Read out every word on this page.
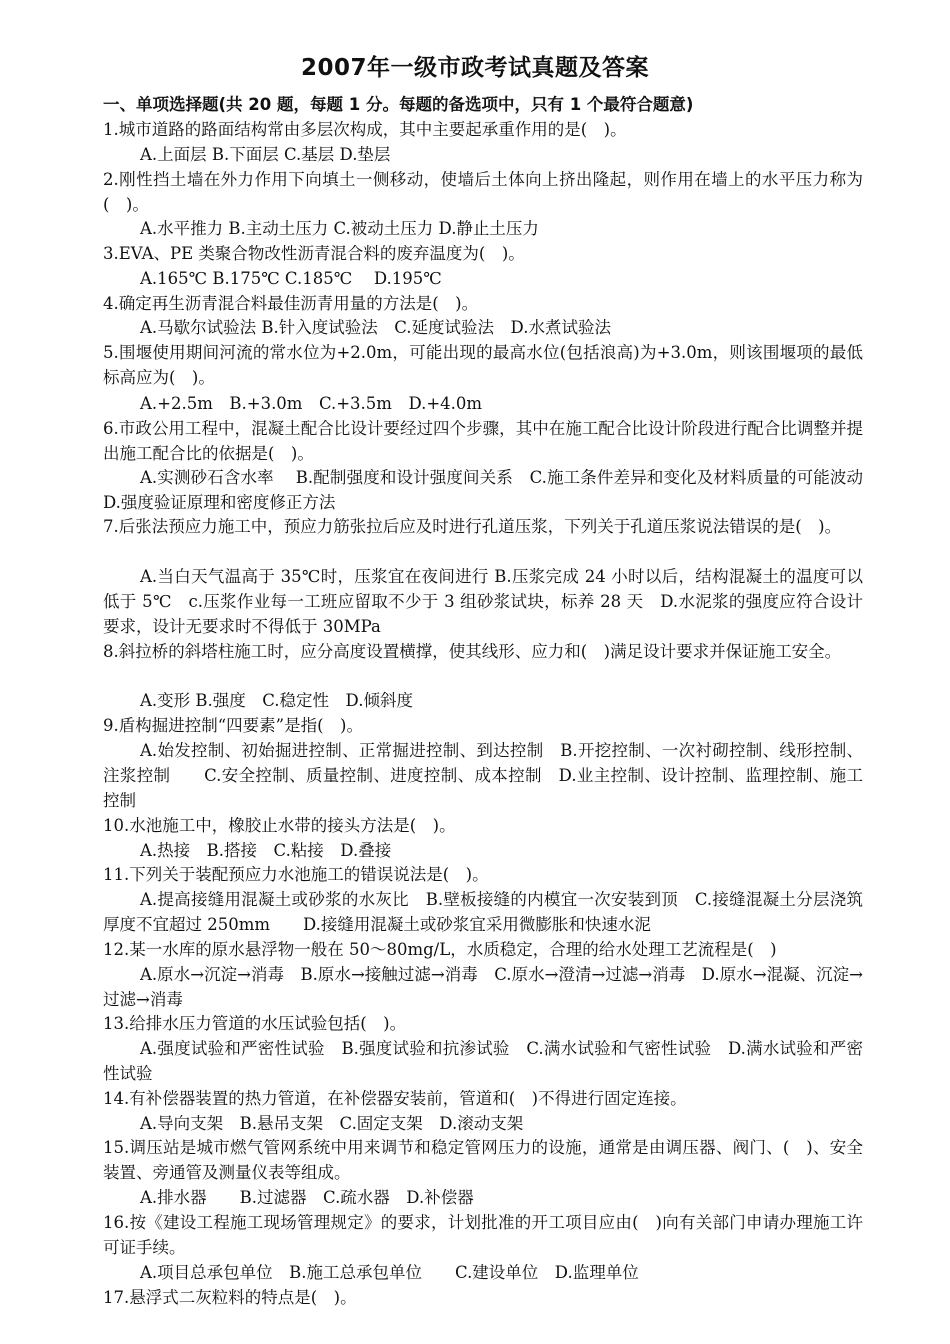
2007年一级市政考试真题及答案
一、单项选择题(共 20 题，每题 1 分。每题的备选项中，只有 1 个最符合题意)
1.城市道路的路面结构常由多层次构成，其中主要起承重作用的是(　)。
A.上面层 B.下面层 C.基层 D.垫层
2.刚性挡土墙在外力作用下向填土一侧移动，使墙后土体向上挤出隆起，则作用在墙上的水平压力称为(　)。
A.水平推力 B.主动土压力 C.被动土压力 D.静止土压力
3.EVA、PE 类聚合物改性沥青混合料的废弃温度为(　)。
A.165℃ B.175℃ C.185℃　 D.195℃
4.确定再生沥青混合料最佳沥青用量的方法是(　)。
A.马歇尔试验法 B.针入度试验法　C.延度试验法　D.水煮试验法
5.围堰使用期间河流的常水位为+2.0m，可能出现的最高水位(包括浪高)为+3.0m，则该围堰项的最低标高应为(　)。
A.+2.5m　B.+3.0m　C.+3.5m　D.+4.0m
6.市政公用工程中，混凝土配合比设计要经过四个步骤，其中在施工配合比设计阶段进行配合比调整并提出施工配合比的依据是(　)。
A.实测砂石含水率　 B.配制强度和设计强度间关系　C.施工条件差异和变化及材料质量的可能波动　 D.强度验证原理和密度修正方法
7.后张法预应力施工中，预应力筋张拉后应及时进行孔道压浆，下列关于孔道压浆说法错误的是(　)。
A.当白天气温高于 35℃时，压浆宜在夜间进行 B.压浆完成 24 小时以后，结构混凝土的温度可以低于 5℃　c.压浆作业每一工班应留取不少于 3 组砂浆试块，标养 28 天　D.水泥浆的强度应符合设计要求，设计无要求时不得低于 30MPa
8.斜拉桥的斜塔柱施工时，应分高度设置横撑，使其线形、应力和(　)满足设计要求并保证施工安全。
A.变形 B.强度　C.稳定性　D.倾斜度
9.盾构掘进控制“四要素”是指(　)。
A.始发控制、初始掘进控制、正常掘进控制、到达控制　B.开挖控制、一次衬砌控制、线形控制、注浆控制　　C.安全控制、质量控制、进度控制、成本控制　D.业主控制、设计控制、监理控制、施工控制
10.水池施工中，橡胶止水带的接头方法是(　)。
A.热接　B.搭接　C.粘接　D.叠接
11.下列关于装配预应力水池施工的错误说法是(　)。
A.提高接缝用混凝土或砂浆的水灰比　B.壁板接缝的内模宜一次安装到顶　C.接缝混凝土分层浇筑厚度不宜超过 250mm　　D.接缝用混凝土或砂浆宜采用微膨胀和快速水泥
12.某一水库的原水悬浮物一般在 50～80mg/L，水质稳定，合理的给水处理工艺流程是(　)
A.原水→沉淀→消毒　B.原水→接触过滤→消毒　C.原水→澄清→过滤→消毒　D.原水→混凝、沉淀→过滤→消毒
13.给排水压力管道的水压试验包括(　)。
A.强度试验和严密性试验　B.强度试验和抗渗试验　C.满水试验和气密性试验　D.满水试验和严密性试验
14.有补偿器装置的热力管道，在补偿器安装前，管道和(　)不得进行固定连接。
A.导向支架　B.悬吊支架　C.固定支架　D.滚动支架
15.调压站是城市燃气管网系统中用来调节和稳定管网压力的设施，通常是由调压器、阀门、(　)、安全装置、旁通管及测量仪表等组成。
A.排水器　　B.过滤器　C.疏水器　D.补偿器
16.按《建设工程施工现场管理规定》的要求，计划批准的开工项目应由(　)向有关部门申请办理施工许可证手续。
A.项目总承包单位　B.施工总承包单位　　C.建设单位　D.监理单位
17.悬浮式二灰粒料的特点是(　)。
